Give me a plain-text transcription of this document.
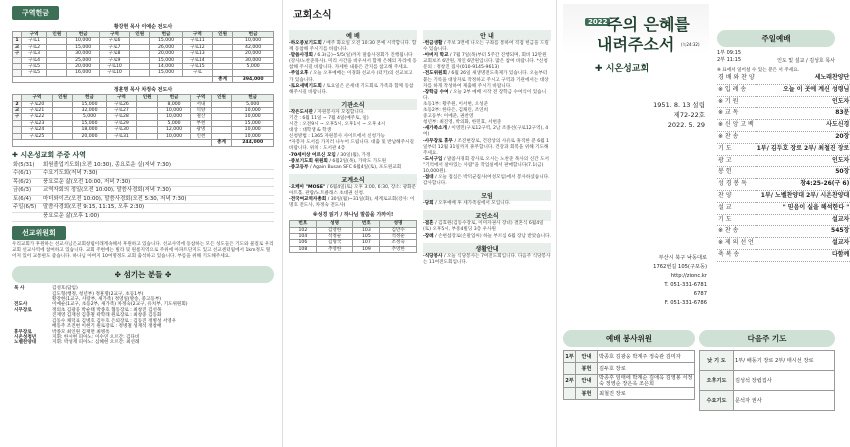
구역헌금
황강현 목사 이예순 전도사
	구역	인원	헌금	구역	인원	헌금	구역	인원	헌금
1	구로1		10,000	구로6		15,000	구로11		10,000
교	구로2		15,000	구로7		26,000	구로12		42,000
구	구로3		30,000	구로8		20,000	구로13		20,000
	구로4		25,000	구로9		15,000	구로14		30,000
	구로5		20,000	구로10		14,000	구로15		5,000
	구로5		16,000	구로10		15,000	구로		
								총계	394,000
정훈명 목사 차정숙 전도사
	구역	인원	헌금	구역	인원	헌금	구역	인원	헌금
2	구로20		15,000	구로26		8,000	서내		5,000
교	구로21		32,000	구로27		10,000	덕양		10,000
구	구로22		5,000	구로28		10,000	철산		10,000
	구로23		15,000	구로29		5,000	부천		15,000
	구로24		18,000	구로30		12,000	광명		10,000
	구로25		20,000	구로31		10,000	인천		10,000
								총계	244,000
✚ 시온성교회 주중 사역
화(5/31)	회원졸업기도회(오전 10:30), 종요로운 실(저녁 7:30)
수(6/1)	수요기도회(저녁 7:30)
목(6/2)	풍요로운 삶(오전 10:00, 저녁 7:30)
금(6/3)	교역자회의 정일(오전 10:00), 말씀사경회(저녁 7:30)
토(6/4)	마더와이즈(오전 10:00), 말씀사경회(오전 5:30, 저녁 7:30)
주일(6/5)	말씀사경회(오전 9:15, 11:15, 오후 2:30)
	풍요로운 삶(오후 1:00)
선교위원회

우리교회가 후원하는 선교사님은교회창립이래계속해서 후원하고 있습니다. 선교사역에 동참하는 모든 성도들은 기도와 물질로 우리교회 선교사역에 참여하고 있습니다. 교회 주변에는 빌라 및 원룸지역으로 주위에 아파트단지도 있고 선교센터립에서 1km정도 떨어져 있어 교통편도 좋습니다. 하나님 아버지 10여명정도 교회 출석하고 있습니다. 부름을 위해 기도해주세요.

✤ 섬기는 분들 ✤
목 사	김성호(담임)
	김도형(행정, 청년부) 정훈명(2교구, 초등1부)
	황강현(1교구, 사랑부, 새가족) 정영일(방송, 중고등부)
전도사	이예순(1교구, 초등2부, 새가족) 차정숙(2교구, 유치부, 기도위원회)
시무장로	정의초 김광웅 박순태 박종호 협동장로 : 최창진 김선목
	진재영 김재성 김충철 곽학래 원로장로 : 최창중 김동화
	김동수 채덕표 김병호 김두호 은퇴장로 : 김동진 정병성 서영우
	배동주 조진현 이현기 원로장로 : 정병철 성재석 정창배
휴무장로	박종모 최인원 김재면 최병옥
시온성청년	지휘: 한시현 피아노: 이수연 오르간: 김다비
노벨찬양대	지휘: 박성재 피아노: 심혜현 오르간: 최선례
교회소식
예 배
·하오중보기도회 / 매주 화요일 오전 10:30 본예 시작합니다. 함께 동참해 주시기를 바랍니다.
·말씀사경회 / 6.3(금)~5/5(일)까지 말씀사경회가 진행됩니다(강사/노찬준목사). 미리 시간을 비우셔서 함께 은혜의 자리에 동참해 주시길 바랍니다. 자세한 내용은 간지를 참고해 주세요.
·주일오후 / 오늘 오후예배는 이경화 선교사 (터키)의 선교보고가 있습니다.
·토요새벽기도회 / 토요일은 온세대 기도회로 가족과 함께 동참해주시길 바랍니다.
기관소식
·작은도서관 / 자원봉사자 모집합니다.
기간 : 6월 11일 ~ 7월 4일(매주토, 일)
시간 : 오전9시 ~ 오후5시, 오후1시 ~ 오후 4시
대상 : 대학생 & 학생
신청방법 : 1365 자원봉사 사이트에서 신청가능
*자봉자 도서를 가지러 나누어 드립니다. 대출 및 반납해주시길 바랍니다. 위치 : 도서관 4층
·70세이상 어르신 모임 / 30일(월), 가정
·중보기도회 위원회 / 6월2일(목), 가락도 가도원
·중고등부 / Again Busan SFC 6월4일(토), 포도원교회
교계소식
·오케아 "MOSE" / 6월4일(토) 오후 3:00, 6:30, 장소: 광화문 아트홀. 관람/노트클래스 초대권 신청.
·전국여교역자총회 / 30일(월)~31일(화), 세계로교회(강사: 이명호 전도사, 차정숙 전도사)
※성경 읽기 / 하나님 말씀을 가까이!
번호	성명	번호	성명
102	김영한	103	김만수
104	석정순	105	석정순
106	김형국	107	조정숙
108	추영한	109	추영한
안 내
·헌금생활 / 주보 3면에 나오는 구좌를 통하여 직접 헌금을 드릴 수 있습니다.
·아버지 학교 / 7월 7일(목)부터 5주간 진행되며, 회비 12만원 교회보조 6만원, 개인 6만원입니다. 많은 참여 바랍니다. *신청문의 : 정창진 집사(010-9145-9613)
·전도위원회 / 6월 26일 새생명전도축제가 있습니다. 오늘부터 붙는 기록을 대상자로 작정하고 주시고 구역과 기관에서는 대상자를 하게 작성하여 제출해 주시기 바랍니다.
·장학금 수여 / 오늘 2부 예배 시작 전 장학금 수여식이 있습니다.
초등1부: 황주원, 이서현, 오성준
초등2부: 한다은, 김채린, 조연희
중고등부: 이예준, 권찬영
청년부: 최진영, 박의화, 한민효, 서현준
·새가족소개 / 이영민(구로12구역, 2남 조종선(구로12구역), 4여)
·사무장로 휴무 / 조진현장로, 건강상의 사유로 휴직한 분 6월 1일부터 12월 31일까지 휴무합니다. 건강과 회복을 위해 기도해 주세요.
·도서구입 / 말씀사경회 강사로 오시는 노찬준 목사의 신간 도서 "기억에서 살아있는 사람"을 작업실에서 판매합니다(7.1(금) 10,000원).
·접대 / 오늘 접심은 박덕균집사(여성모임)에서 봉사하셨습니다. 감사합니다.
모임
·당회 / 오후예배 후 세가족실에서 모입니다.
교인소식
·결혼 / 김효원(김동수장로, 이미자권사 장녀) 결혼식 6월4일(토) 오후5시, 부흥4빌딩 3층 우사원
·장례 / 손현섭장로(손말업씨) 하늘 부르심 6월 장남 받았습니다.
생활안내
·식당봉사 / 오늘 식당봉사는 7여전도회입니다. 다음주 식당봉사는 11여전도회입니다.
2022 주의 은혜를
내려주소서 (눅24:32)
✚ 시온성교회
1951. 8. 13 설립
제72-22호
2022. 5. 29
부산시 북구 낙동대로
1762번길 105(구포동)
http://zionc.kr
T. 051-331-6781
6787
F. 051-331-6786
주일예배
1부 09:15
2부 11:15	인도 및 설교 / 김성호 목사
※ 표에서 일어설 수 있는 분은 서 주세요.
경 배 와 찬 양	세노래찬양단
※ 입 례 송	오늘 이 곳에 계신 성령님
※ 기 원	인도자
※ 교 독	83문
※ 신 앙 고 백	사도신경
※ 찬 송	20장
기 도	1부/ 김두호 장로 2부/ 최철진 장로
광 고	인도자
봉 헌	50장
성 경 봉 독	창4:25-26(구 6)
찬 양	1부/ 노벨찬양대 2부/ 시온찬양대
설 교	" 믿음이 실을 해석한다 "
기 도	설교자
※ 찬 송	545장
※ 제 의 선 언	설교자
축 복 송	다함께
예배 봉사위원
1부	안내	박종호 김광웅 박계주 정숙관 김미자
	봉헌	김두호 장로
2부	안내	박종후 임태에 박계순 김애옥 김영봉 서정숙 정영순 장은옥 조은희
	봉헌	최철진 장로
다음주 기도
낮 기 도	1부/ 배동기 장로 2부/ 태시선 장로
오후기도	김성석 장립집사
수요기도	문석자 권사
